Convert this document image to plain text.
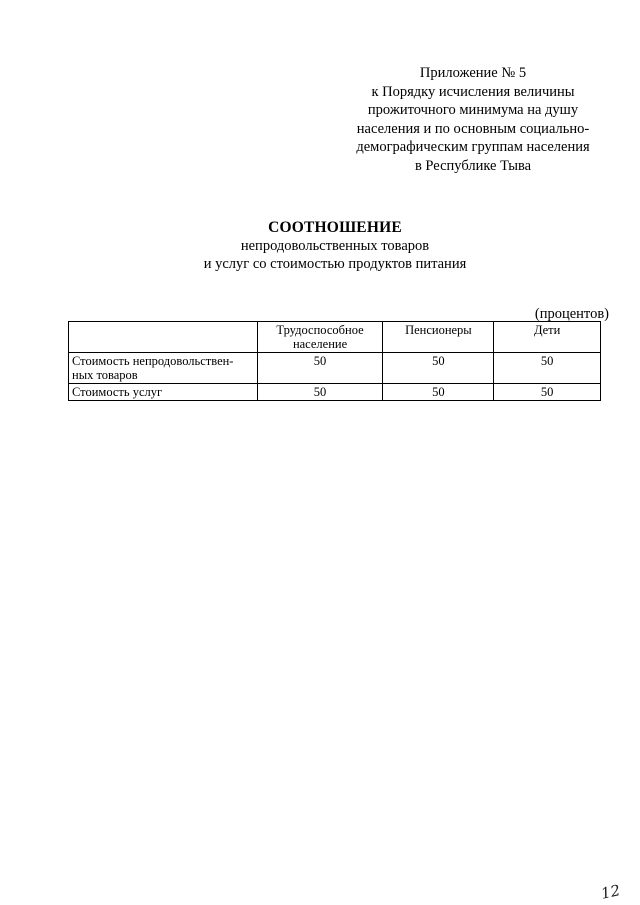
Приложение № 5
к Порядку исчисления величины
прожиточного минимума на душу
населения и по основным социально-
демографическим группам населения
в Республике Тыва
СООТНОШЕНИЕ
непродовольственных товаров
и услуг со стоимостью продуктов питания
(процентов)

	Трудоспособное
население	Пенсионеры	Дети

Стоимость непродовольствен-
ных товаров	50	50	50
Стоимость услуг	50	50	50
12
